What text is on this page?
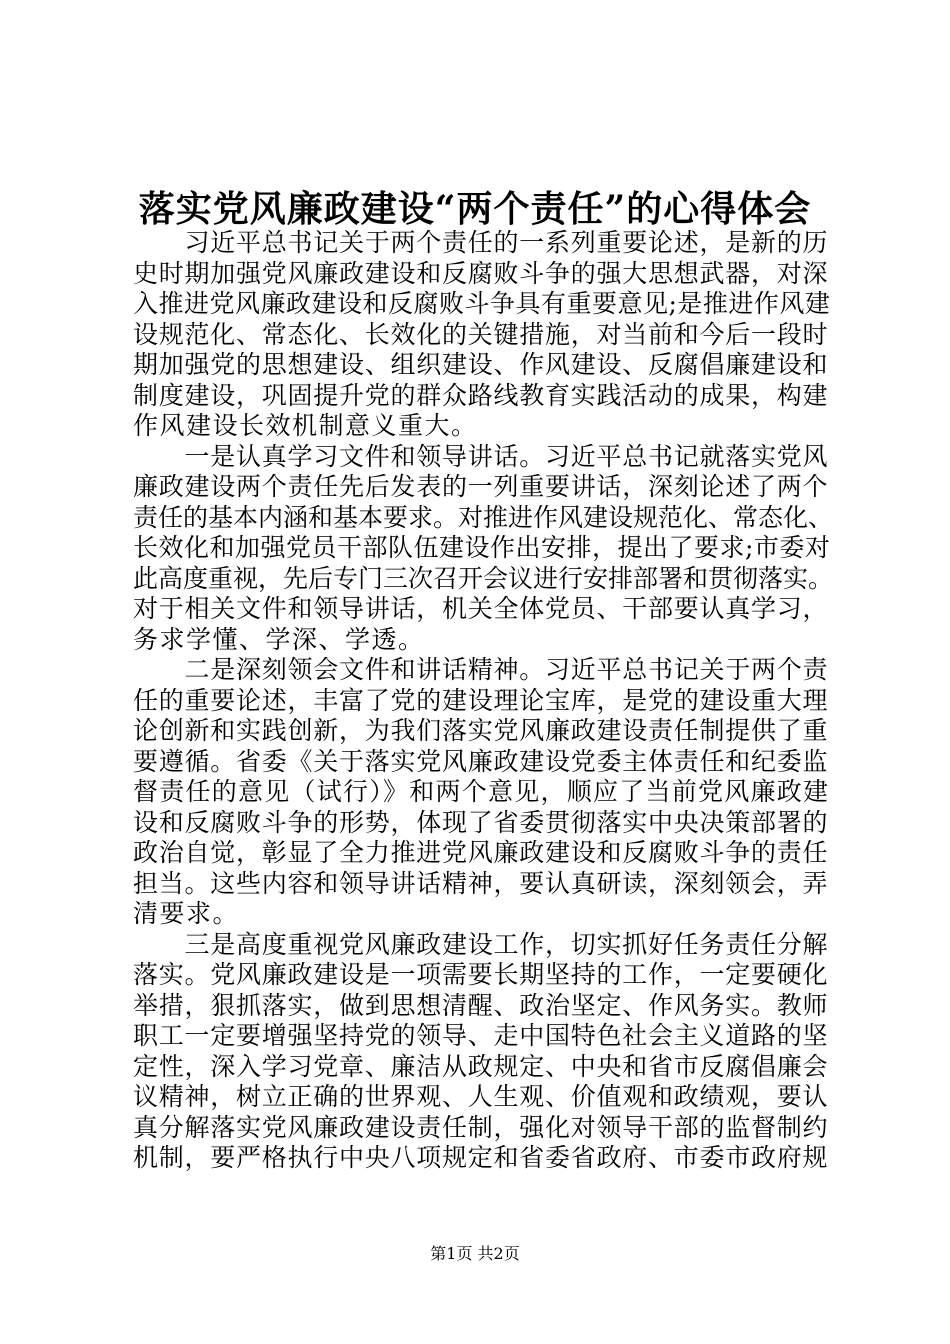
落实党风廉政建设“两个责任”的心得体会
　　习近平总书记关于两个责任的一系列重要论述，是新的历
史时期加强党风廉政建设和反腐败斗争的强大思想武器，对深
入推进党风廉政建设和反腐败斗争具有重要意见;是推进作风建
设规范化、常态化、长效化的关键措施，对当前和今后一段时
期加强党的思想建设、组织建设、作风建设、反腐倡廉建设和
制度建设，巩固提升党的群众路线教育实践活动的成果，构建
作风建设长效机制意义重大。
　　一是认真学习文件和领导讲话。习近平总书记就落实党风
廉政建设两个责任先后发表的一列重要讲话，深刻论述了两个
责任的基本内涵和基本要求。对推进作风建设规范化、常态化、
长效化和加强党员干部队伍建设作出安排，提出了要求;市委对
此高度重视，先后专门三次召开会议进行安排部署和贯彻落实。
对于相关文件和领导讲话，机关全体党员、干部要认真学习，
务求学懂、学深、学透。
　　二是深刻领会文件和讲话精神。习近平总书记关于两个责
任的重要论述，丰富了党的建设理论宝库，是党的建设重大理
论创新和实践创新，为我们落实党风廉政建设责任制提供了重
要遵循。省委《关于落实党风廉政建设党委主体责任和纪委监
督责任的意见（试行）》和两个意见，顺应了当前党风廉政建
设和反腐败斗争的形势，体现了省委贯彻落实中央决策部署的
政治自觉，彰显了全力推进党风廉政建设和反腐败斗争的责任
担当。这些内容和领导讲话精神，要认真研读，深刻领会，弄
清要求。
　　三是高度重视党风廉政建设工作，切实抓好任务责任分解
落实。党风廉政建设是一项需要长期坚持的工作，一定要硬化
举措，狠抓落实，做到思想清醒、政治坚定、作风务实。教师
职工一定要增强坚持党的领导、走中国特色社会主义道路的坚
定性，深入学习党章、廉洁从政规定、中央和省市反腐倡廉会
议精神，树立正确的世界观、人生观、价值观和政绩观，要认
真分解落实党风廉政建设责任制，强化对领导干部的监督制约
机制，要严格执行中央八项规定和省委省政府、市委市政府规
第1页 共2页
